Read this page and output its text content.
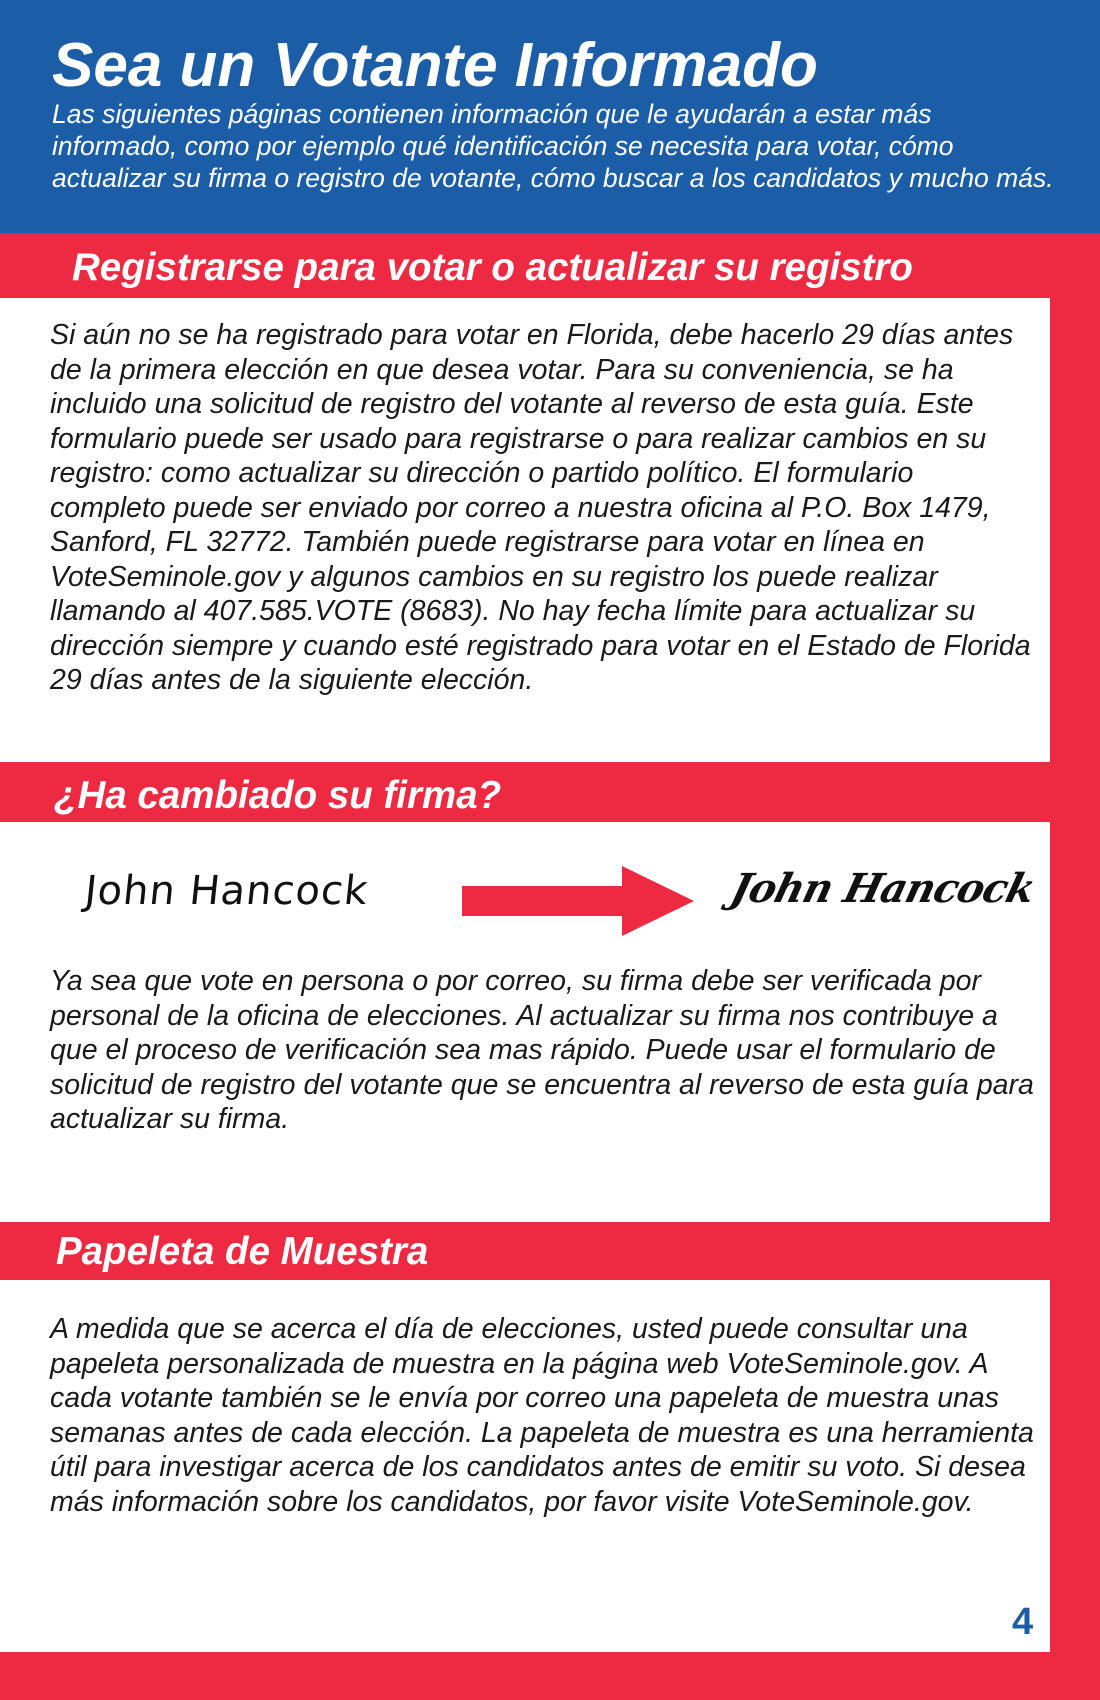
Sea un Votante Informado

Las siguientes páginas contienen información que le ayudarán a estar más informado, como por ejemplo qué identificación se necesita para votar, cómo actualizar su firma o registro de votante, cómo buscar a los candidatos y mucho más.

Registrarse para votar o actualizar su registro

Si aún no se ha registrado para votar en Florida, debe hacerlo 29 días antes de la primera elección en que desea votar. Para su conveniencia, se ha incluido una solicitud de registro del votante al reverso de esta guía. Este formulario puede ser usado para registrarse o para realizar cambios en su registro: como actualizar su dirección o partido político. El formulario completo puede ser enviado por correo a nuestra oficina al P.O. Box 1479, Sanford, FL 32772. También puede registrarse para votar en línea en VoteSeminole.gov y algunos cambios en su registro los puede realizar llamando al 407.585.VOTE (8683). No hay fecha límite para actualizar su dirección siempre y cuando esté registrado para votar en el Estado de Florida 29 días antes de la siguiente elección.

¿Ha cambiado su firma?

Ya sea que vote en persona o por correo, su firma debe ser verificada por personal de la oficina de elecciones. Al actualizar su firma nos contribuye a que el proceso de verificación sea mas rápido. Puede usar el formulario de solicitud de registro del votante que se encuentra al reverso de esta guía para actualizar su firma.

John Hancock	John Hancock
Papeleta de Muestra

A medida que se acerca el día de elecciones, usted puede consultar una papeleta personalizada de muestra en la página web VoteSeminole.gov. A cada votante también se le envía por correo una papeleta de muestra unas semanas antes de cada elección. La papeleta de muestra es una herramienta útil para investigar acerca de los candidatos antes de emitir su voto. Si desea más información sobre los candidatos, por favor visite VoteSeminole.gov.

4
